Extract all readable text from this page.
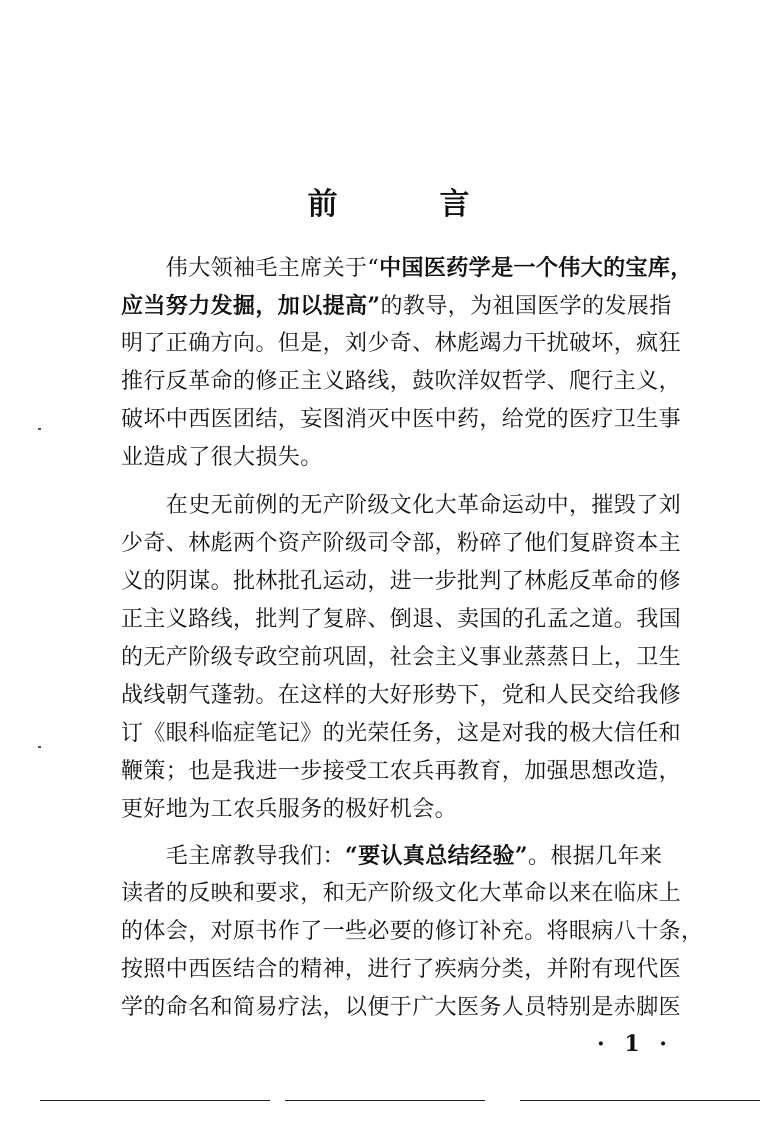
前　言
　　伟大领袖毛主席关于“中国医药学是一个伟大的宝库，
应当努力发掘，加以提高”的教导，为祖国医学的发展指
明了正确方向。但是，刘少奇、林彪竭力干扰破坏，疯狂
推行反革命的修正主义路线，鼓吹洋奴哲学、爬行主义，
破坏中西医团结，妄图消灭中医中药，给党的医疗卫生事
业造成了很大损失。
　　在史无前例的无产阶级文化大革命运动中，摧毁了刘
少奇、林彪两个资产阶级司令部，粉碎了他们复辟资本主
义的阴谋。批林批孔运动，进一步批判了林彪反革命的修
正主义路线，批判了复辟、倒退、卖国的孔孟之道。我国
的无产阶级专政空前巩固，社会主义事业蒸蒸日上，卫生
战线朝气蓬勃。在这样的大好形势下，党和人民交给我修
订《眼科临症笔记》的光荣任务，这是对我的极大信任和
鞭策；也是我进一步接受工农兵再教育，加强思想改造，
更好地为工农兵服务的极好机会。
　　毛主席教导我们：“要认真总结经验”。根据几年来
读者的反映和要求，和无产阶级文化大革命以来在临床上
的体会，对原书作了一些必要的修订补充。将眼病八十条，
按照中西医结合的精神，进行了疾病分类，并附有现代医
学的命名和简易疗法，以便于广大医务人员特别是赤脚医
· 1 ·
